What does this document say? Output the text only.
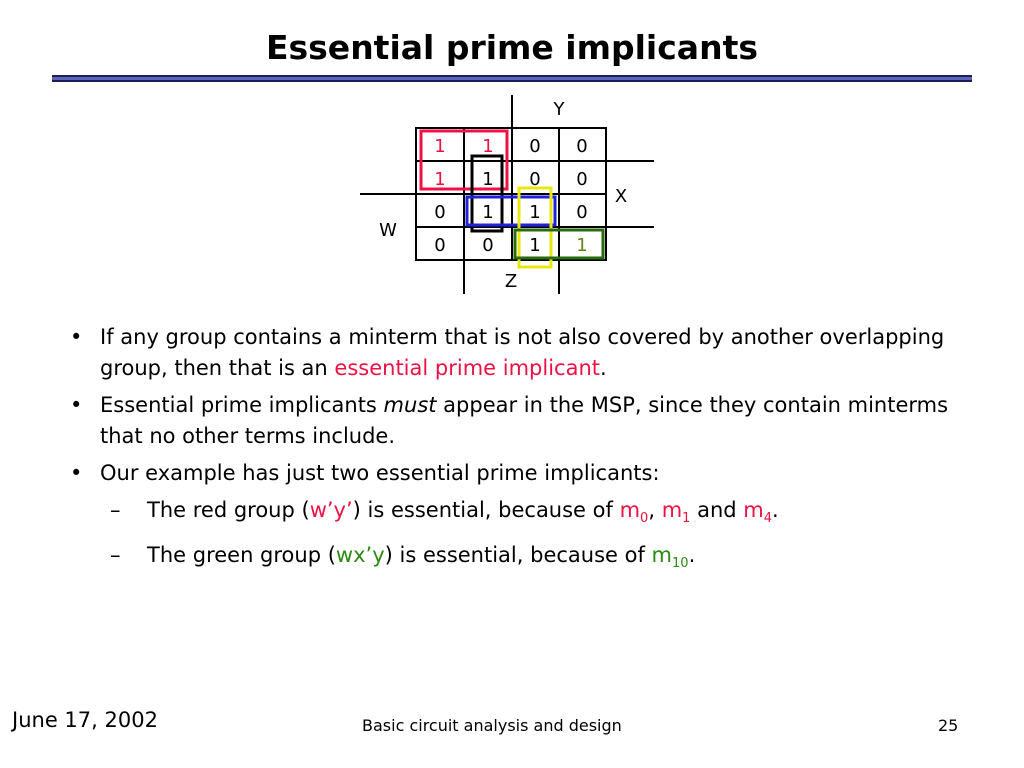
Essential prime implicants
Y
X
W
Z
1 1 0 0
1 1 0 0
0 1 1 0
0 0 1 1
• If any group contains a minterm that is not also covered by another overlapping group, then that is an essential prime implicant.
• Essential prime implicants must appear in the MSP, since they contain minterms that no other terms include.
• Our example has just two essential prime implicants:
– The red group (w’y’) is essential, because of $m_0$, $m_1$ and $m_4$.
– The green group (wx’y) is essential, because of $m_{10}$.
June 17, 2002	Basic circuit analysis and design	25
